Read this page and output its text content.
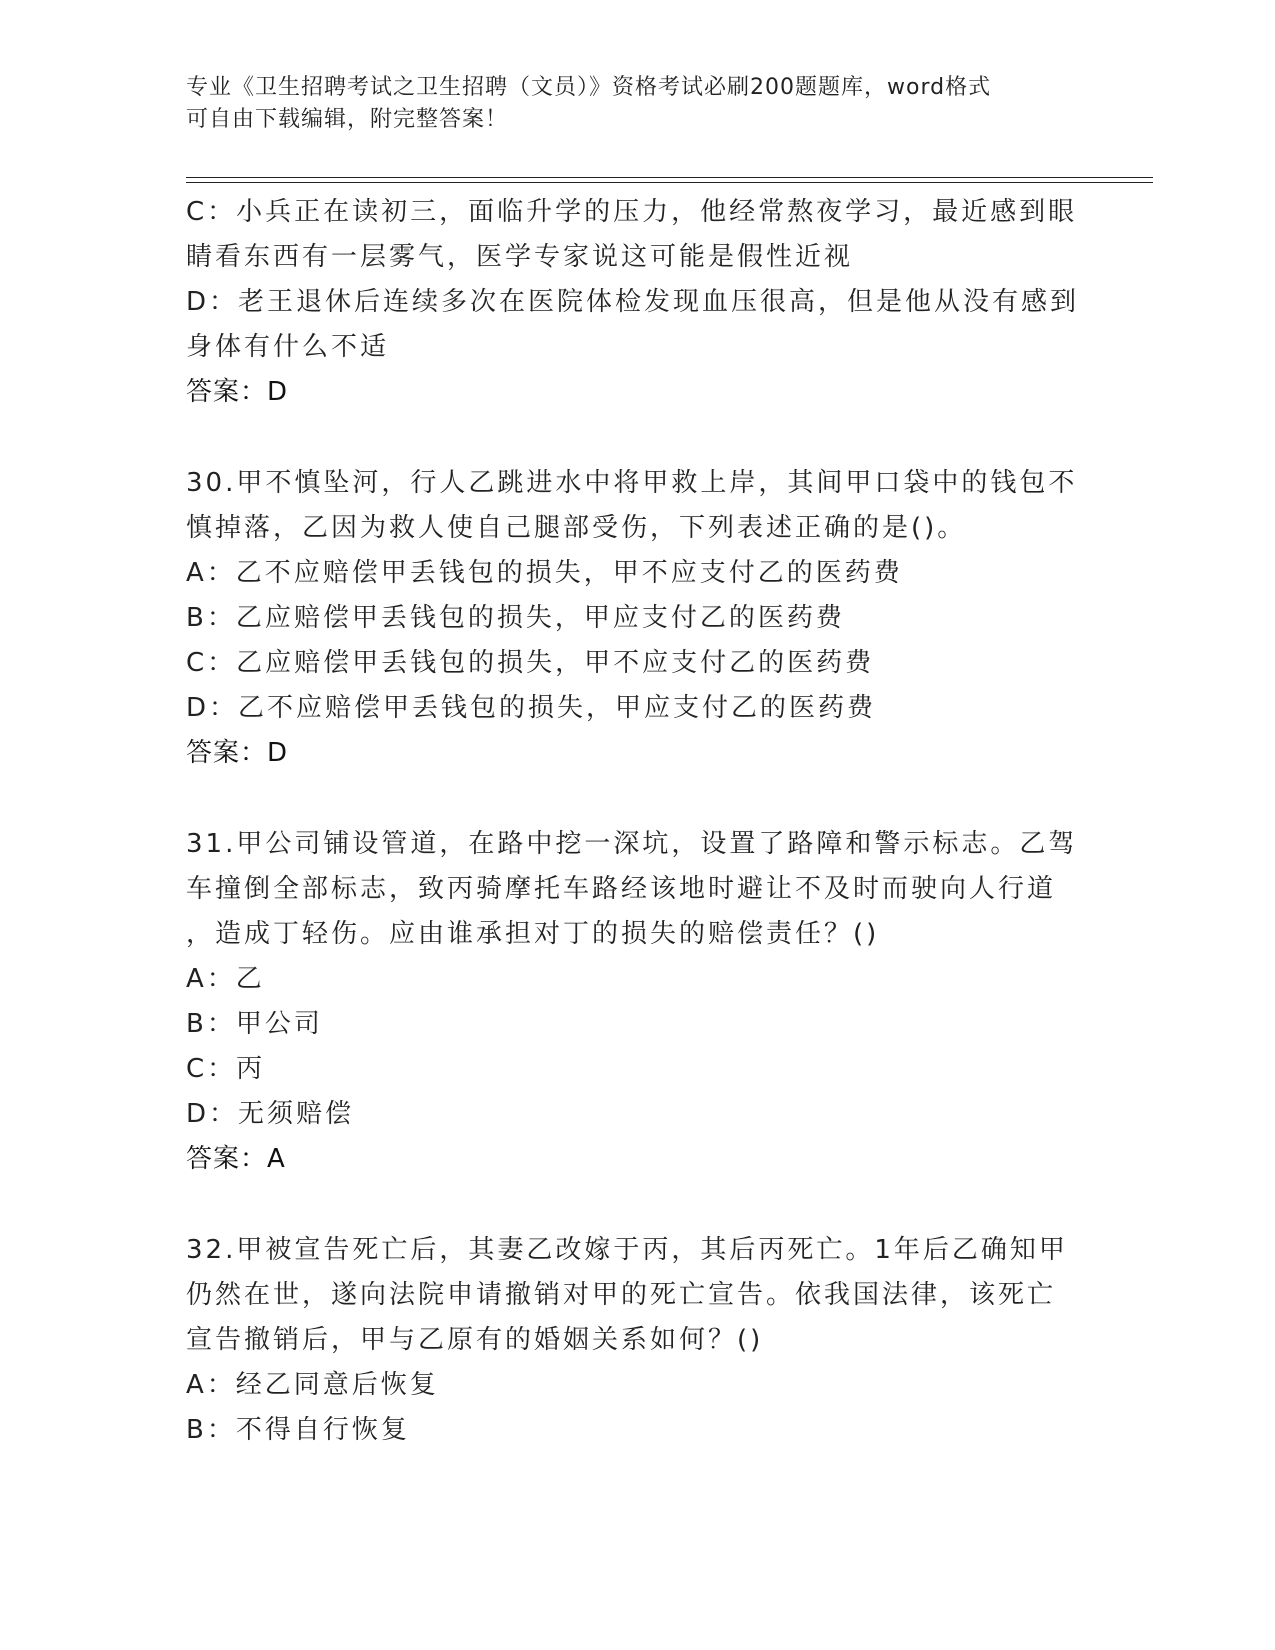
专业《卫生招聘考试之卫生招聘（文员）》资格考试必刷200题题库，word格式
可自由下载编辑，附完整答案！
C：小兵正在读初三，面临升学的压力，他经常熬夜学习，最近感到眼
睛看东西有一层雾气，医学专家说这可能是假性近视
D：老王退休后连续多次在医院体检发现血压很高，但是他从没有感到
身体有什么不适
答案：D
30.甲不慎坠河，行人乙跳进水中将甲救上岸，其间甲口袋中的钱包不
慎掉落，乙因为救人使自己腿部受伤，下列表述正确的是()。
A：乙不应赔偿甲丢钱包的损失，甲不应支付乙的医药费
B：乙应赔偿甲丢钱包的损失，甲应支付乙的医药费
C：乙应赔偿甲丢钱包的损失，甲不应支付乙的医药费
D：乙不应赔偿甲丢钱包的损失，甲应支付乙的医药费
答案：D
31.甲公司铺设管道，在路中挖一深坑，设置了路障和警示标志。乙驾
车撞倒全部标志，致丙骑摩托车路经该地时避让不及时而驶向人行道
，造成丁轻伤。应由谁承担对丁的损失的赔偿责任？()
A：乙
B：甲公司
C：丙
D：无须赔偿
答案：A
32.甲被宣告死亡后，其妻乙改嫁于丙，其后丙死亡。1年后乙确知甲
仍然在世，遂向法院申请撤销对甲的死亡宣告。依我国法律，该死亡
宣告撤销后，甲与乙原有的婚姻关系如何？()
A：经乙同意后恢复
B：不得自行恢复
